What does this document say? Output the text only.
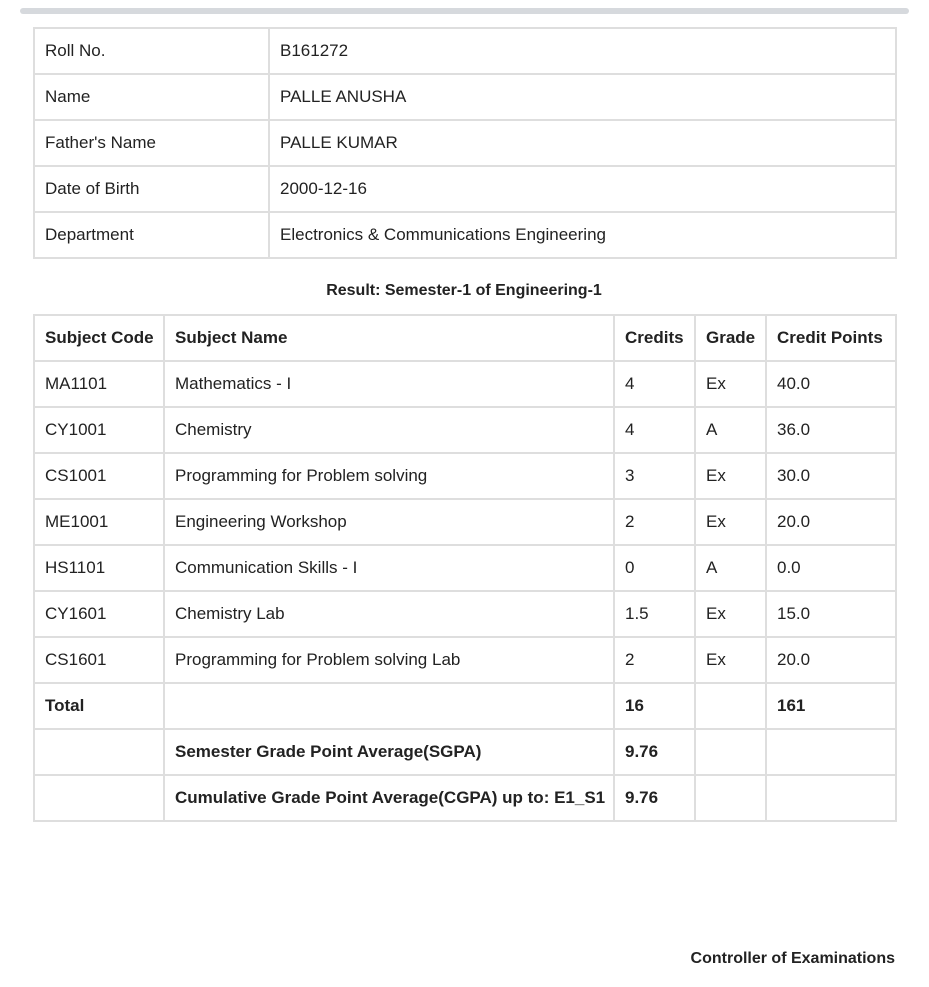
Roll No.	B161272
Name	PALLE ANUSHA
Father's Name	PALLE KUMAR
Date of Birth	2000-12-16
Department	Electronics & Communications Engineering
Result: Semester-1 of Engineering-1
Subject Code	Subject Name	Credits	Grade	Credit Points
MA1101	Mathematics - I	4	Ex	40.0
CY1001	Chemistry	4	A	36.0
CS1001	Programming for Problem solving	3	Ex	30.0
ME1001	Engineering Workshop	2	Ex	20.0
HS1101	Communication Skills - I	0	A	0.0
CY1601	Chemistry Lab	1.5	Ex	15.0
CS1601	Programming for Problem solving Lab	2	Ex	20.0
Total		16		161
	Semester Grade Point Average(SGPA)	9.76		
	Cumulative Grade Point Average(CGPA) up to: E1_S1	9.76		
Controller of Examinations
